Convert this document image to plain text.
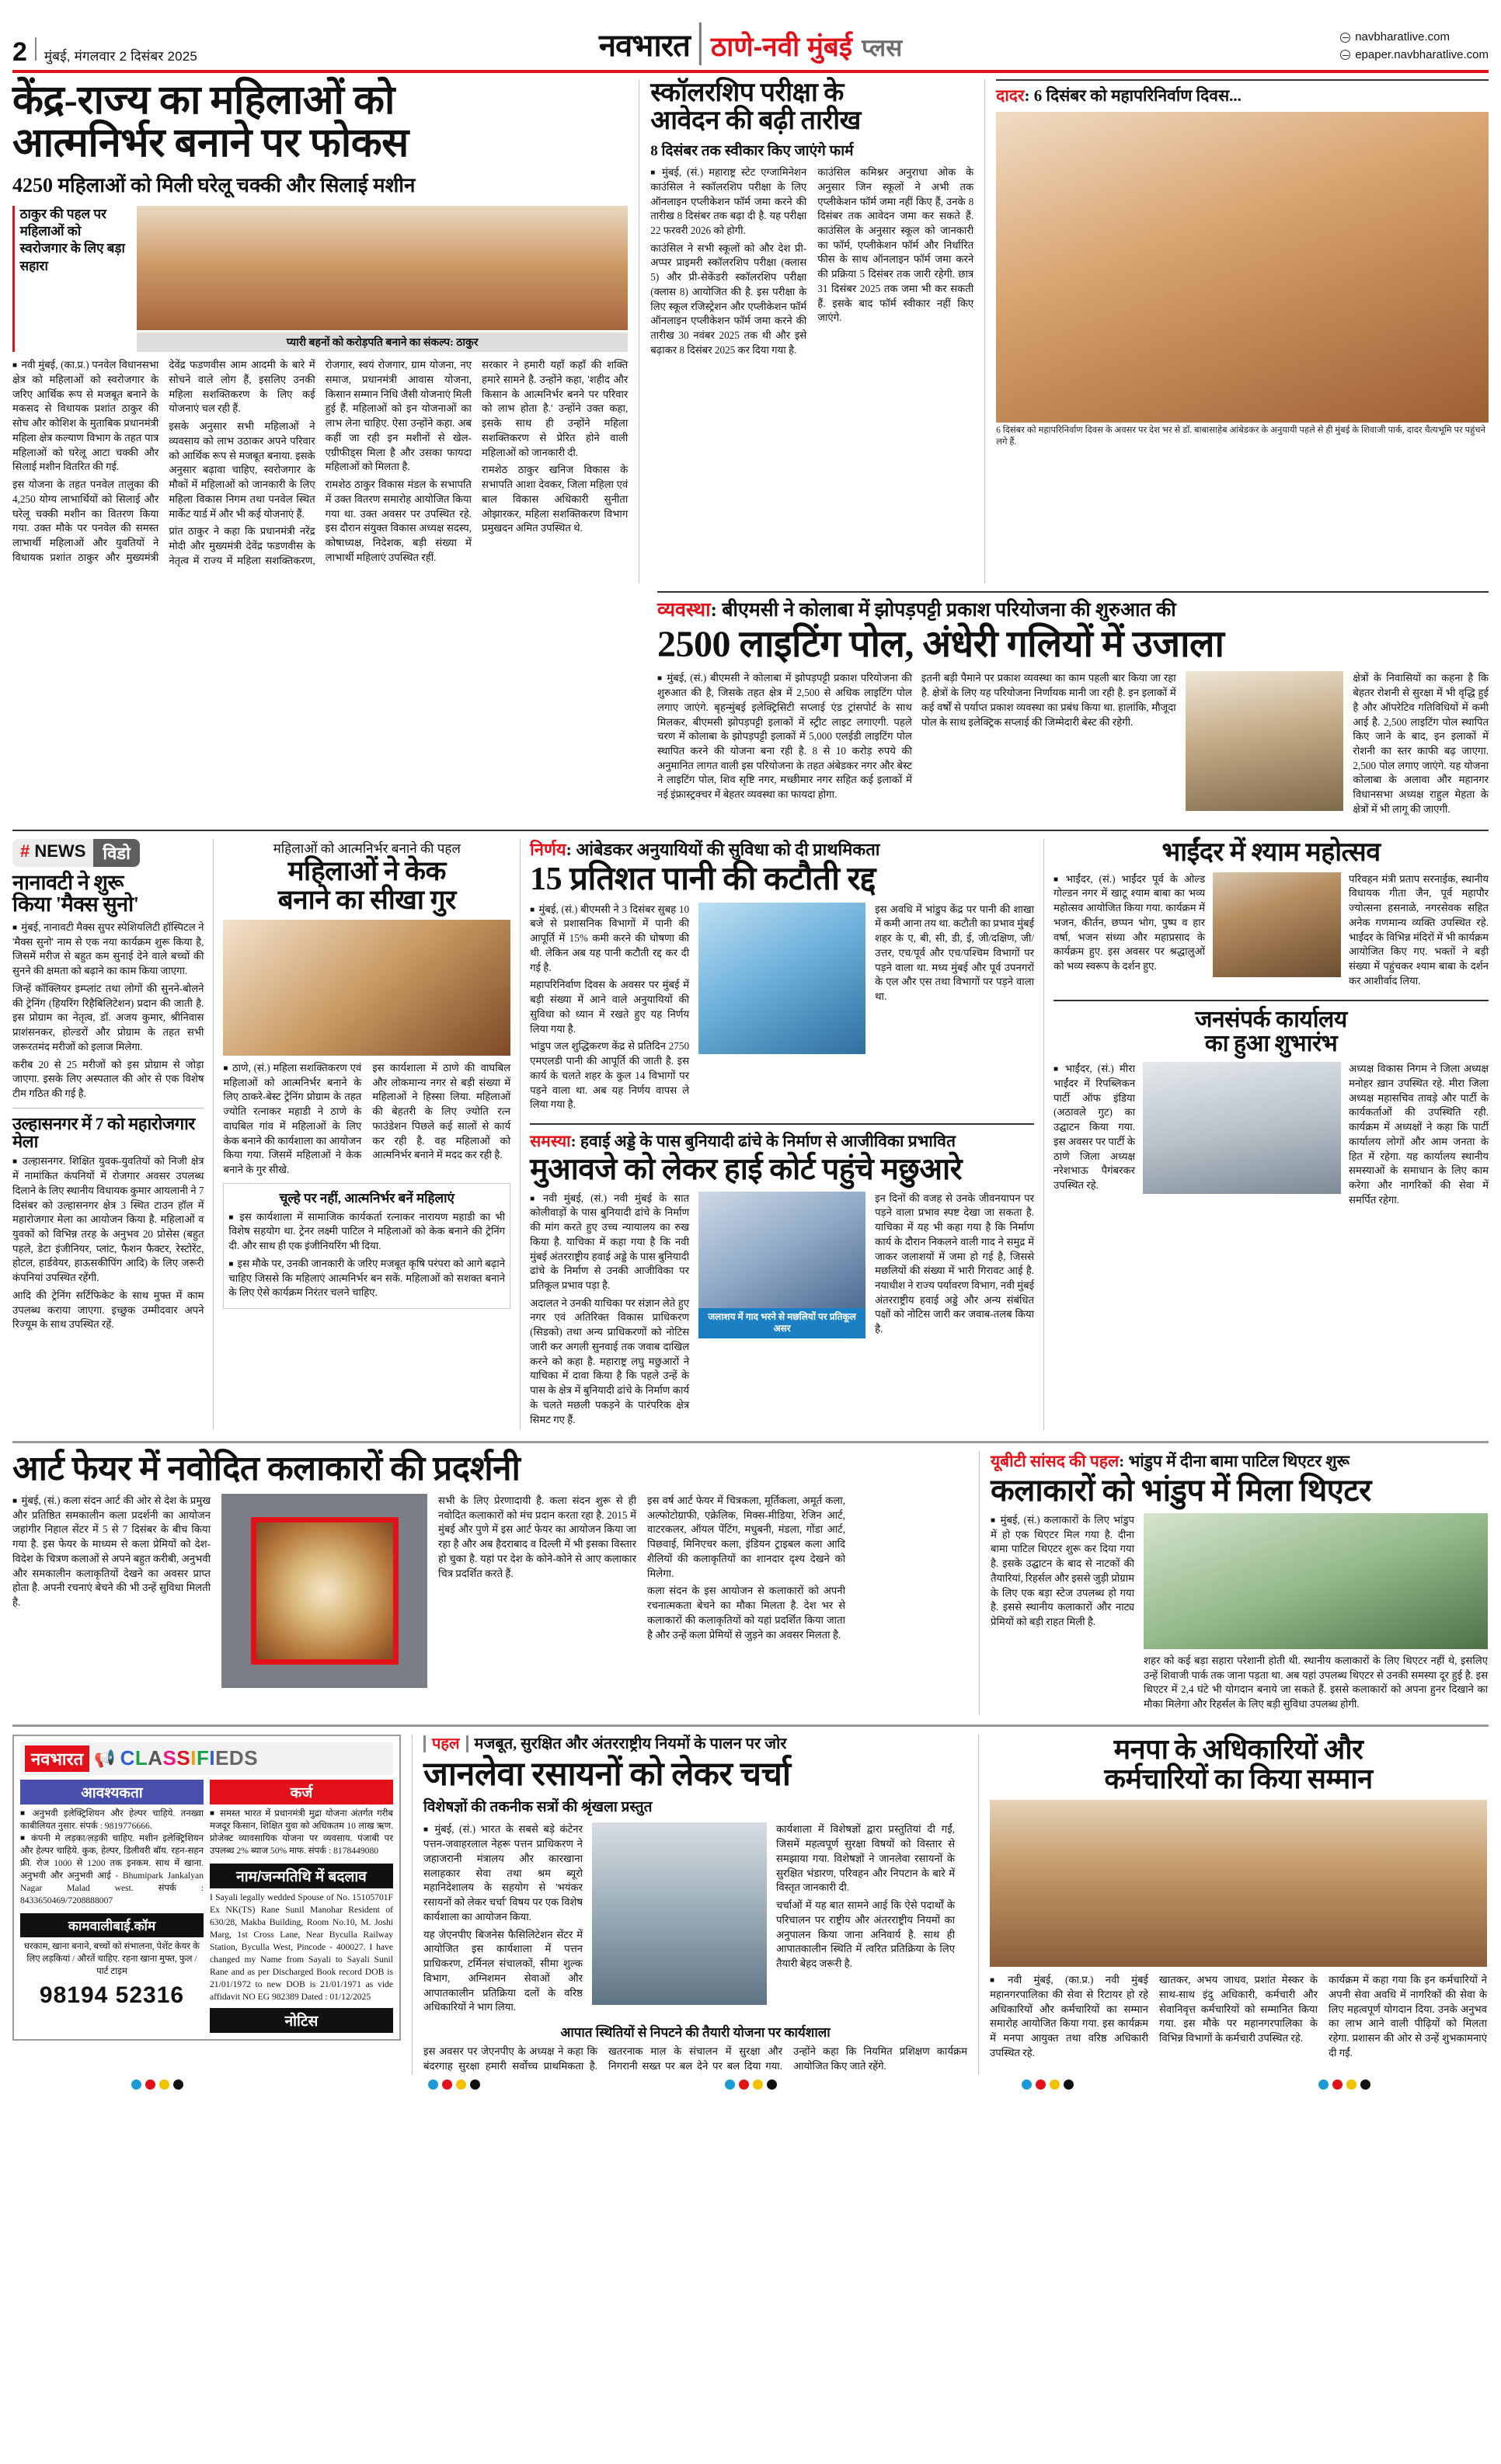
2 मुंबई, मंगलवार 2 दिसंबर 2025	नवभारत ठाणे-नवी मुंबई प्लस	navbharatlive.com
epaper.navbharatlive.com
केंद्र-राज्य का महिलाओं को
आत्मनिर्भर बनाने पर फोकस
4250 महिलाओं को मिली घरेलू चक्की और सिलाई मशीन
ठाकुर की पहल पर महिलाओं को स्वरोजगार के लिए बड़ा सहारा
प्यारी बहनों को करोड़पति बनाने का संकल्प: ठाकुर

■ नवी मुंबई, (का.प्र.) पनवेल विधानसभा क्षेत्र को महिलाओं को स्वरोजगार के जरिए आर्थिक रूप से मजबूत बनाने के मकसद से विधायक प्रशांत ठाकुर की सोच और कोशिश के मुताबिक प्रधानमंत्री महिला क्षेत्र कल्याण विभाग के तहत पात्र महिलाओं को घरेलू आटा चक्की और सिलाई मशीन वितरित की गई.

इस योजना के तहत पनवेल तालुका की 4,250 योग्य लाभार्थियों को सिलाई और घरेलू चक्की मशीन का वितरण किया गया. उक्त मौके पर पनवेल की समस्त लाभार्थी महिलाओं और युवतियों ने विधायक प्रशांत ठाकुर और मुख्यमंत्री देवेंद्र फडणवीस आम आदमी के बारे में सोचने वाले लोग हैं, इसलिए उनकी महिला सशक्तिकरण के लिए कई योजनाएं चल रही हैं.

इसके अनुसार सभी महिलाओं ने व्यवसाय को लाभ उठाकर अपने परिवार को आर्थिक रूप से मजबूत बनाया. इसके अनुसार बढ़ावा चाहिए, स्वरोजगार के मौकों में महिलाओं को जानकारी के लिए महिला विकास निगम तथा पनवेल स्थित मार्केट यार्ड में और भी कई योजनाएं हैं.

प्रांत ठाकुर ने कहा कि प्रधानमंत्री नरेंद्र मोदी और मुख्यमंत्री देवेंद्र फडणवीस के नेतृत्व में राज्य में महिला सशक्तिकरण, रोजगार, स्वयं रोजगार, ग्राम योजना, नए समाज, प्रधानमंत्री आवास योजना, किसान सम्मान निधि जैसी योजनाएं मिली हुई हैं. महिलाओं को इन योजनाओं का लाभ लेना चाहिए. ऐसा उन्होंने कहा. अब कहीं जा रही इन मशीनों से खेल-एग्रीफीड्स मिला है और उसका फायदा महिलाओं को मिलता है.

रामशेठ ठाकुर विकास मंडल के सभापति में उक्त वितरण समारोह आयोजित किया गया था. उक्त अवसर पर उपस्थित रहे. इस दौरान संयुक्त विकास अध्यक्ष सदस्य, कोषाध्यक्ष, निदेशक, बड़ी संख्या में लाभार्थी महिलाएं उपस्थित रहीं.

सरकार ने हमारी यहाँ कहाँ की शक्ति हमारे सामने है. उन्होंने कहा, 'शहीद और किसान के आत्मनिर्भर बनने पर परिवार को लाभ होता है.' उन्होंने उक्त कहा, इसके साथ ही उन्होंने महिला सशक्तिकरण से प्रेरित होने वाली महिलाओं को जानकारी दी.

रामशेठ ठाकुर खनिज विकास के सभापति आशा देवकर, जिला महिला एवं बाल विकास अधिकारी सुनीता ओझारकर, महिला सशक्तिकरण विभाग प्रमुखदन अमित उपस्थित थे.

स्कॉलरशिप परीक्षा के
आवेदन की बढ़ी तारीख
8 दिसंबर तक स्वीकार किए जाएंगे फार्म

■ मुंबई, (सं.) महाराष्ट्र स्टेट एग्जामिनेशन काउंसिल ने स्कॉलरशिप परीक्षा के लिए ऑनलाइन एप्लीकेशन फॉर्म जमा करने की तारीख 8 दिसंबर तक बढ़ा दी है. यह परीक्षा 22 फरवरी 2026 को होगी.

काउंसिल ने सभी स्कूलों को और देश प्री-अप्पर प्राइमरी स्कॉलरशिप परीक्षा (क्लास 5) और प्री-सेकेंडरी स्कॉलरशिप परीक्षा (क्लास 8) आयोजित की है. इस परीक्षा के लिए स्कूल रजिस्ट्रेशन और एप्लीकेशन फॉर्म ऑनलाइन एप्लीकेशन फॉर्म जमा करने की तारीख 30 नवंबर 2025 तक थी और इसे बढ़ाकर 8 दिसंबर 2025 कर दिया गया है.

काउंसिल कमिश्नर अनुराधा ओक के अनुसार जिन स्कूलों ने अभी तक एप्लीकेशन फॉर्म जमा नहीं किए हैं, उनके 8 दिसंबर तक आवेदन जमा कर सकते हैं. काउंसिल के अनुसार स्कूल को जानकारी का फॉर्म, एप्लीकेशन फॉर्म और निर्धारित फीस के साथ ऑनलाइन फॉर्म जमा करने की प्रक्रिया 5 दिसंबर तक जारी रहेगी. छात्र 31 दिसंबर 2025 तक जमा भी कर सकती हैं. इसके बाद फॉर्म स्वीकार नहीं किए जाएंगे.

दादर: 6 दिसंबर को महापरिनिर्वाण दिवस...
6 दिसंबर को महापरिनिर्वाण दिवस के अवसर पर देश भर से डॉ. बाबासाहेब आंबेडकर के अनुयायी पहले से ही मुंबई के शिवाजी पार्क, दादर चैत्यभूमि पर पहुंचने लगे हैं.
व्यवस्था: बीएमसी ने कोलाबा में झोपड़पट्टी प्रकाश परियोजना की शुरुआत की
2500 लाइटिंग पोल, अंधेरी गलियों में उजाला

■ मुंबई, (सं.) बीएमसी ने कोलाबा में झोपड़पट्टी प्रकाश परियोजना की शुरुआत की है, जिसके तहत क्षेत्र में 2,500 से अधिक लाइटिंग पोल लगाए जाएंगे. बृहन्मुंबई इलेक्ट्रिसिटी सप्लाई एंड ट्रांसपोर्ट के साथ मिलकर, बीएमसी झोपड़पट्टी इलाकों में स्ट्रीट लाइट लगाएगी. पहले चरण में कोलाबा के झोपड़पट्टी इलाकों में 5,000 एलईडी लाइटिंग पोल स्थापित करने की योजना बना रही है. 8 से 10 करोड़ रुपये की अनुमानित लागत वाली इस परियोजना के तहत अंबेडकर नगर और बेस्ट ने लाइटिंग पोल, शिव सृष्टि नगर, मच्छीमार नगर सहित कई इलाकों में नई इंफ्रास्ट्रक्चर में बेहतर व्यवस्था का फायदा होगा.

इतनी बड़ी पैमाने पर प्रकाश व्यवस्था का काम पहली बार किया जा रहा है. क्षेत्रों के लिए यह परियोजना निर्णायक मानी जा रही है. इन इलाकों में कई वर्षों से पर्याप्त प्रकाश व्यवस्था का प्रबंध किया था. हालांकि, मौजूदा पोल के साथ इलेक्ट्रिक सप्लाई की जिम्मेदारी बेस्ट की रहेगी.

क्षेत्रों के निवासियों का कहना है कि बेहतर रोशनी से सुरक्षा में भी वृद्धि हुई है और ऑपरेटिव गतिविधियों में कमी आई है. 2,500 लाइटिंग पोल स्थापित किए जाने के बाद, इन इलाकों में रोशनी का स्तर काफी बढ़ जाएगा. 2,500 पोल लगाए जाएंगे. यह योजना कोलाबा के अलावा और महानगर विधानसभा अध्यक्ष राहुल मेहता के क्षेत्रों में भी लागू की जाएगी.

# NEWS	विडो
नानावटी ने शुरू
किया 'मैक्स सुनो'

■ मुंबई, नानावटी मैक्स सुपर स्पेशियलिटी हॉस्पिटल ने 'मैक्स सुनो' नाम से एक नया कार्यक्रम शुरू किया है, जिसमें मरीज से बहुत कम सुनाई देने वाले बच्चों की सुनने की क्षमता को बढ़ाने का काम किया जाएगा.

जिन्हें कॉक्लियर इम्प्लांट तथा लोगों की सुनने-बोलने की ट्रेनिंग (हियरिंग रिहैबिलिटेशन) प्रदान की जाती है. इस प्रोग्राम का नेतृत्व, डॉ. अजय कुमार, श्रीनिवास प्राशंसनकर, होल्डरों और प्रोग्राम के तहत सभी जरूरतमंद मरीजों को इलाज मिलेगा.

करीब 20 से 25 मरीजों को इस प्रोग्राम से जोड़ा जाएगा. इसके लिए अस्पताल की ओर से एक विशेष टीम गठित की गई है.

उल्हासनगर में 7 को महारोजगार मेला

■ उल्हासनगर. शिक्षित युवक-युवतियों को निजी क्षेत्र में नामांकित कंपनियों में रोजगार अवसर उपलब्ध दिलाने के लिए स्थानीय विधायक कुमार आयलानी ने 7 दिसंबर को उल्हासनगर क्षेत्र 3 स्थित टाउन हॉल में महारोजगार मेला का आयोजन किया है. महिलाओं व युवकों को विभिन्न तरह के अनुभव 20 प्रोसेस (बहुत पहले, डेटा इंजीनियर, प्लांट, फैशन फैक्टर, रेस्टोरेंट, होटल, हार्डवेयर, हाऊसकीपिंग आदि) के लिए जरूरी कंपनियां उपस्थित रहेंगी.

आदि की ट्रेनिंग सर्टिफिकेट के साथ मुफ्त में काम उपलब्ध कराया जाएगा. इच्छुक उम्मीदवार अपने रिज्यूम के साथ उपस्थित रहें.

महिलाओं को आत्मनिर्भर बनाने की पहल
महिलाओं ने केक
बनाने का सीखा गुर

■ ठाणे, (सं.) महिला सशक्तिकरण एवं महिलाओं को आत्मनिर्भर बनाने के लिए ठाकरे-बेस्ट ट्रेनिंग प्रोग्राम के तहत ज्योति रत्नाकर महाडी ने ठाणे के वाघबिल गांव में महिलाओं के लिए केक बनाने की कार्यशाला का आयोजन किया गया. जिसमें महिलाओं ने केक बनाने के गुर सीखे.

इस कार्यशाला में ठाणे की वाघबिल और लोकमान्य नगर से बड़ी संख्या में महिलाओं ने हिस्सा लिया. महिलाओं की बेहतरी के लिए ज्योति रत्न फाउंडेशन पिछले कई सालों से कार्य कर रही है. वह महिलाओं को आत्मनिर्भर बनाने में मदद कर रही है.

चूल्हे पर नहीं, आत्मनिर्भर बनें महिलाएं

■ इस कार्यशाला में सामाजिक कार्यकर्ता रत्नाकर नारायण महाडी का भी विशेष सहयोग था. ट्रेनर लक्ष्मी पाटिल ने महिलाओं को केक बनाने की ट्रेनिंग दी. और साथ ही एक इंजीनियरिंग भी दिया.

■ इस मौके पर, उनकी जानकारी के जरिए मजबूत कृषि परंपरा को आगे बढ़ाने चाहिए जिससे कि महिलाएं आत्मनिर्भर बन सकें. महिलाओं को सशक्त बनाने के लिए ऐसे कार्यक्रम निरंतर चलने चाहिए.

निर्णय: आंबेडकर अनुयायियों की सुविधा को दी प्राथमिकता
15 प्रतिशत पानी की कटौती रद्द

■ मुंबई, (सं.) बीएमसी ने 3 दिसंबर सुबह 10 बजे से प्रशासनिक विभागों में पानी की आपूर्ति में 15% कमी करने की घोषणा की थी. लेकिन अब यह पानी कटौती रद्द कर दी गई है.

महापरिनिर्वाण दिवस के अवसर पर मुंबई में बड़ी संख्या में आने वाले अनुयायियों की सुविधा को ध्यान में रखते हुए यह निर्णय लिया गया है.

भांडुप जल शुद्धिकरण केंद्र से प्रतिदिन 2750 एमएलडी पानी की आपूर्ति की जाती है. इस कार्य के चलते शहर के कुल 14 विभागों पर पड़ने वाला था. अब यह निर्णय वापस ले लिया गया है.

इस अवधि में भांडुप केंद्र पर पानी की शाखा में कमी आना तय था. कटौती का प्रभाव मुंबई शहर के ए, बी, सी, डी, ई, जी/दक्षिण, जी/उत्तर, एच/पूर्व और एच/पश्चिम विभागों पर पड़ने वाला था. मध्य मुंबई और पूर्व उपनगरों के एल और एस तथा विभागों पर पड़ने वाला था.

समस्या: हवाई अड्डे के पास बुनियादी ढांचे के निर्माण से आजीविका प्रभावित
मुआवजे को लेकर हाई कोर्ट पहुंचे मछुआरे

■ नवी मुंबई, (सं.) नवी मुंबई के सात कोलीवाड़ों के पास बुनियादी ढांचे के निर्माण की मांग करते हुए उच्च न्यायालय का रुख किया है. याचिका में कहा गया है कि नवी मुंबई अंतरराष्ट्रीय हवाई अड्डे के पास बुनियादी ढांचे के निर्माण से उनकी आजीविका पर प्रतिकूल प्रभाव पड़ा है.

अदालत ने उनकी याचिका पर संज्ञान लेते हुए नगर एवं अतिरिक्त विकास प्राधिकरण (सिडको) तथा अन्य प्राधिकरणों को नोटिस जारी कर अगली सुनवाई तक जवाब दाखिल करने को कहा है. महाराष्ट्र लघु मछुआरों ने याचिका में दावा किया है कि पहले उन्हें के पास के क्षेत्र में बुनियादी ढांचे के निर्माण कार्य के चलते मछली पकड़ने के पारंपरिक क्षेत्र सिमट गए हैं.

जलाशय में गाद भरने से मछलियों पर प्रतिकूल असर

इन दिनों की वजह से उनके जीवनयापन पर पड़ने वाला प्रभाव स्पष्ट देखा जा सकता है. याचिका में यह भी कहा गया है कि निर्माण कार्य के दौरान निकलने वाली गाद ने समुद्र में जाकर जलाशयों में जमा हो गई है, जिससे मछलियों की संख्या में भारी गिरावट आई है. नयाधीश ने राज्य पर्यावरण विभाग, नवी मुंबई अंतरराष्ट्रीय हवाई अड्डे और अन्य संबंधित पक्षों को नोटिस जारी कर जवाब-तलब किया है.

भाईंदर में श्याम महोत्सव

■ भाईंदर, (सं.) भाईंदर पूर्व के ओल्ड गोल्डन नगर में खाटू श्याम बाबा का भव्य महोत्सव आयोजित किया गया. कार्यक्रम में भजन, कीर्तन, छप्पन भोग, पुष्प व हार वर्षा, भजन संध्या और महाप्रसाद के कार्यक्रम हुए. इस अवसर पर श्रद्धालुओं को भव्य स्वरूप के दर्शन हुए.

परिवहन मंत्री प्रताप सरनाईक, स्थानीय विधायक गीता जैन, पूर्व महापौर ज्योत्सना हसनाळे, नगरसेवक सहित अनेक गणमान्य व्यक्ति उपस्थित रहे. भाईंदर के विभिन्न मंदिरों में भी कार्यक्रम आयोजित किए गए. भक्तों ने बड़ी संख्या में पहुंचकर श्याम बाबा के दर्शन कर आशीर्वाद लिया.

जनसंपर्क कार्यालय
का हुआ शुभारंभ

■ भाईंदर, (सं.) मीरा भाईंदर में रिपब्लिकन पार्टी ऑफ इंडिया (अठावले गुट) का उद्घाटन किया गया. इस अवसर पर पार्टी के ठाणे जिला अध्यक्ष नरेशभाऊ पैगंबरकर उपस्थित रहे.

अध्यक्ष विकास निगम ने जिला अध्यक्ष मनोहर ख़ान उपस्थित रहे. मीरा जिला अध्यक्ष महासचिव तावड़े और पार्टी के कार्यकर्ताओं की उपस्थिति रही. कार्यक्रम में अध्यक्षों ने कहा कि पार्टी कार्यालय लोगों और आम जनता के हित में रहेगा. यह कार्यालय स्थानीय समस्याओं के समाधान के लिए काम करेगा और नागरिकों की सेवा में समर्पित रहेगा.

आर्ट फेयर में नवोदित कलाकारों की प्रदर्शनी

■ मुंबई, (सं.) कला संदन आर्ट की ओर से देश के प्रमुख और प्रतिष्ठित समकालीन कला प्रदर्शनी का आयोजन जहांगीर निहाल सेंटर में 5 से 7 दिसंबर के बीच किया गया है. इस फेयर के माध्यम से कला प्रेमियों को देश-विदेश के चित्रण कलाओं से अपने बहुत करीबी, अनुभवी और समकालीन कलाकृतियों देखने का अवसर प्राप्त होता है. अपनी रचनाएं बेचने की भी उन्हें सुविधा मिलती है.

सभी के लिए प्रेरणादायी है. कला संदन शुरू से ही नवोदित कलाकारों को मंच प्रदान करता रहा है. 2015 में मुंबई और पुणे में इस आर्ट फेयर का आयोजन किया जा रहा है और अब हैदराबाद व दिल्ली में भी इसका विस्तार हो चुका है. यहां पर देश के कोने-कोने से आए कलाकार चित्र प्रदर्शित करते हैं.

इस वर्ष आर्ट फेयर में चित्रकला, मूर्तिकला, अमूर्त कला, अल्फोटोग्राफी, एक्रेलिक, मिक्स-मीडिया, रेजिन आर्ट, वाटरकलर, ऑयल पेंटिंग, मधुबनी, मंडला, गोंडा आर्ट, पिछवाई, मिनिएचर कला, इंडियन ट्राइबल कला आदि शैलियों की कलाकृतियों का शानदार दृश्य देखने को मिलेगा.

कला संदन के इस आयोजन से कलाकारों को अपनी रचनात्मकता बेचने का मौका मिलता है. देश भर से कलाकारों की कलाकृतियों को यहां प्रदर्शित किया जाता है और उन्हें कला प्रेमियों से जुड़ने का अवसर मिलता है.

यूबीटी सांसद की पहल: भांडुप में दीना बामा पाटिल थिएटर शुरू
कलाकारों को भांडुप में मिला थिएटर

■ मुंबई, (सं.) कलाकारों के लिए भांडुप में हो एक थिएटर मिल गया है. दीना बामा पाटिल थिएटर शुरू कर दिया गया है. इसके उद्घाटन के बाद से नाटकों की तैयारियां, रिहर्सल और इससे जुड़ी प्रोग्राम के लिए एक बड़ा स्टेज उपलब्ध हो गया है. इससे स्थानीय कलाकारों और नाट्य प्रेमियों को बड़ी राहत मिली है.

शहर को कई बड़ा सहारा परेशानी होती थी. स्थानीय कलाकारों के लिए थिएटर नहीं थे, इसलिए उन्हें शिवाजी पार्क तक जाना पड़ता था. अब यहां उपलब्ध थिएटर से उनकी समस्या दूर हुई है. इस थिएटर में 2,4 घंटे भी योगदान बनाये जा सकते हैं. इससे कलाकारों को अपना हुनर दिखाने का मौका मिलेगा और रिहर्सल के लिए बड़ी सुविधा उपलब्ध होगी.

नवभारत 📢 CLASSIFIEDS
आवश्यकता

■ अनुभवी इलेक्ट्रिशियन और हेल्पर चाहिये. तनख्वा काबीलियत नुसार. संपर्क : 9819776666.

■ कंपनी मे लड़का/लड़की चाहिए. मशीन इलेक्ट्रिशियन और हेल्पर चाहिये. कुक, हेल्पर, डिलीवरी बॉय. रहन-सहन फ्री. रोज 1000 से 1200 तक इनकम. साथ में खाना. अनुभवी और अनुभवी आई - Bhumipark Jankalyan Nagar Malad west. संपर्क : 8433650469/7208888007

कामवालीबाई.कॉम
घरकाम, खाना बनाने, बच्चों को संभालना, पेशेंट केयर के लिए लड़कियां / औरतें चाहिए. रहना खाना मुफ्त, फुल / पार्ट टाइम
98194 52316
कर्ज

■ समस्त भारत में प्रधानमंत्री मुद्रा योजना अंतर्गत गरीब मजदूर किसान, शिक्षित युवा को अधिकतम 10 लाख ऋण. प्रोजेक्ट व्यावसायिक योजना पर व्यवसाय. पंजाबी पर उपलब्ध 2% ब्याज 50% माफ. संपर्क : 8178449080

नाम/जन्मतिथि में बदलाव
I Sayali legally wedded Spouse of No. 15105701F Ex NK(TS) Rane Sunil Manohar Resident of 630/28, Makba Building, Room No.10, M. Joshi Marg, 1st Cross Lane, Near Byculla Railway Station, Byculla West, Pincode - 400027. I have changed my Name from Sayali to Sayali Sunil Rane and as per Discharged Book record DOB is 21/01/1972 to new DOB is 21/01/1971 as vide affidavit NO EG 982389 Dated : 01/12/2025
नोटिस
पहल मजबूत, सुरक्षित और अंतरराष्ट्रीय नियमों के पालन पर जोर
जानलेवा रसायनों को लेकर चर्चा
विशेषज्ञों की तकनीक सत्रों की श्रृंखला प्रस्तुत

■ मुंबई, (सं.) भारत के सबसे बड़े कंटेनर पत्तन-जवाहरलाल नेहरू पत्तन प्राधिकरण ने जहाजरानी मंत्रालय और कारखाना सलाहकार सेवा तथा श्रम ब्यूरो महानिदेशालय के सहयोग से 'भयंकर रसायनों को लेकर चर्चा' विषय पर एक विशेष कार्यशाला का आयोजन किया.

यह जेएनपीए बिजनेस फैसिलिटेशन सेंटर में आयोजित इस कार्यशाला में पत्तन प्राधिकरण, टर्मिनल संचालकों, सीमा शुल्क विभाग, अग्निशमन सेवाओं और आपातकालीन प्रतिक्रिया दलों के वरिष्ठ अधिकारियों ने भाग लिया.

कार्यशाला में विशेषज्ञों द्वारा प्रस्तुतियां दी गईं, जिसमें महत्वपूर्ण सुरक्षा विषयों को विस्तार से समझाया गया. विशेषज्ञों ने जानलेवा रसायनों के सुरक्षित भंडारण, परिवहन और निपटान के बारे में विस्तृत जानकारी दी.

चर्चाओं में यह बात सामने आई कि ऐसे पदार्थों के परिचालन पर राष्ट्रीय और अंतरराष्ट्रीय नियमों का अनुपालन किया जाना अनिवार्य है. साथ ही आपातकालीन स्थिति में त्वरित प्रतिक्रिया के लिए तैयारी बेहद जरूरी है.

आपात स्थितियों से निपटने की तैयारी योजना पर कार्यशाला

इस अवसर पर जेएनपीए के अध्यक्ष ने कहा कि बंदरगाह सुरक्षा हमारी सर्वोच्च प्राथमिकता है. खतरनाक माल के संचालन में सुरक्षा और निगरानी सख्त पर बल देने पर बल दिया गया. उन्होंने कहा कि नियमित प्रशिक्षण कार्यक्रम आयोजित किए जाते रहेंगे.

मनपा के अधिकारियों और
कर्मचारियों का किया सम्मान

■ नवी मुंबई, (का.प्र.) नवी मुंबई महानगरपालिका की सेवा से रिटायर हो रहे अधिकारियों और कर्मचारियों का सम्मान समारोह आयोजित किया गया. इस कार्यक्रम में मनपा आयुक्त तथा वरिष्ठ अधिकारी उपस्थित रहे.

खातकर, अभय जाधव, प्रशांत मेस्कर के साथ-साथ इंदु अधिकारी, कर्मचारी और सेवानिवृत्त कर्मचारियों को सम्मानित किया गया. इस मौके पर महानगरपालिका के विभिन्न विभागों के कर्मचारी उपस्थित रहे.

कार्यक्रम में कहा गया कि इन कर्मचारियों ने अपनी सेवा अवधि में नागरिकों की सेवा के लिए महत्वपूर्ण योगदान दिया. उनके अनुभव का लाभ आने वाली पीढ़ियों को मिलता रहेगा. प्रशासन की ओर से उन्हें शुभकामनाएं दी गईं.
